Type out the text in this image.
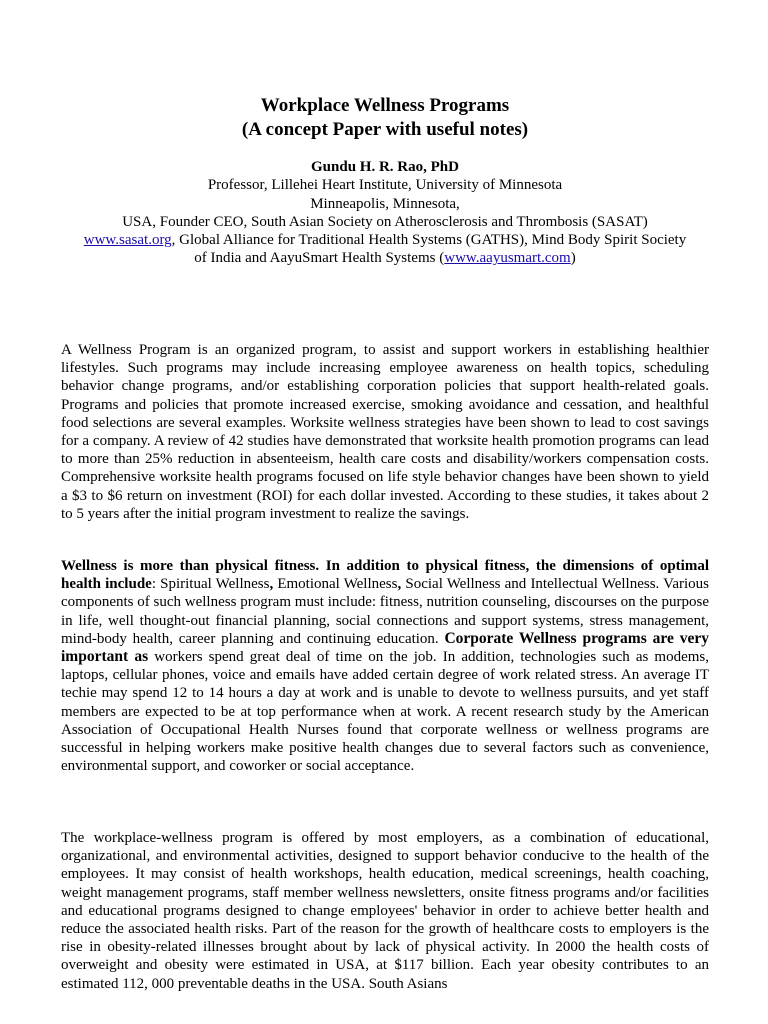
Workplace Wellness Programs
(A concept Paper with useful notes)
Gundu H. R. Rao, PhD
Professor, Lillehei Heart Institute, University of Minnesota
Minneapolis, Minnesota,
USA, Founder CEO, South Asian Society on Atherosclerosis and Thrombosis (SASAT)
www.sasat.org, Global Alliance for Traditional Health Systems (GATHS), Mind Body Spirit Society
of India and AayuSmart Health Systems (www.aayusmart.com)

A Wellness Program is an organized program, to assist and support workers in establishing healthier lifestyles. Such programs may include increasing employee awareness on health topics, scheduling behavior change programs, and/or establishing corporation policies that support health-related goals. Programs and policies that promote increased exercise, smoking avoidance and cessation, and healthful food selections are several examples. Worksite wellness strategies have been shown to lead to cost savings for a company. A review of 42 studies have demonstrated that worksite health promotion programs can lead to more than 25% reduction in absenteeism, health care costs and disability/workers compensation costs. Comprehensive worksite health programs focused on life style behavior changes have been shown to yield a $3 to $6 return on investment (ROI) for each dollar invested. According to these studies, it takes about 2 to 5 years after the initial program investment to realize the savings.

Wellness is more than physical fitness. In addition to physical fitness, the dimensions of optimal health include: Spiritual Wellness, Emotional Wellness, Social Wellness and Intellectual Wellness. Various components of such wellness program must include: fitness, nutrition counseling, discourses on the purpose in life, well thought-out financial planning, social connections and support systems, stress management, mind-body health, career planning and continuing education. Corporate Wellness programs are very important as workers spend great deal of time on the job. In addition, technologies such as modems, laptops, cellular phones, voice and emails have added certain degree of work related stress. An average IT techie may spend 12 to 14 hours a day at work and is unable to devote to wellness pursuits, and yet staff members are expected to be at top performance when at work. A recent research study by the American Association of Occupational Health Nurses found that corporate wellness or wellness programs are successful in helping workers make positive health changes due to several factors such as convenience, environmental support, and coworker or social acceptance.

The workplace-wellness program is offered by most employers, as a combination of educational, organizational, and environmental activities, designed to support behavior conducive to the health of the employees. It may consist of health workshops, health education, medical screenings, health coaching, weight management programs, staff member wellness newsletters, onsite fitness programs and/or facilities and educational programs designed to change employees' behavior in order to achieve better health and reduce the associated health risks. Part of the reason for the growth of healthcare costs to employers is the rise in obesity-related illnesses brought about by lack of physical activity. In 2000 the health costs of overweight and obesity were estimated in USA, at $117 billion. Each year obesity contributes to an estimated 112, 000 preventable deaths in the USA. South Asians
